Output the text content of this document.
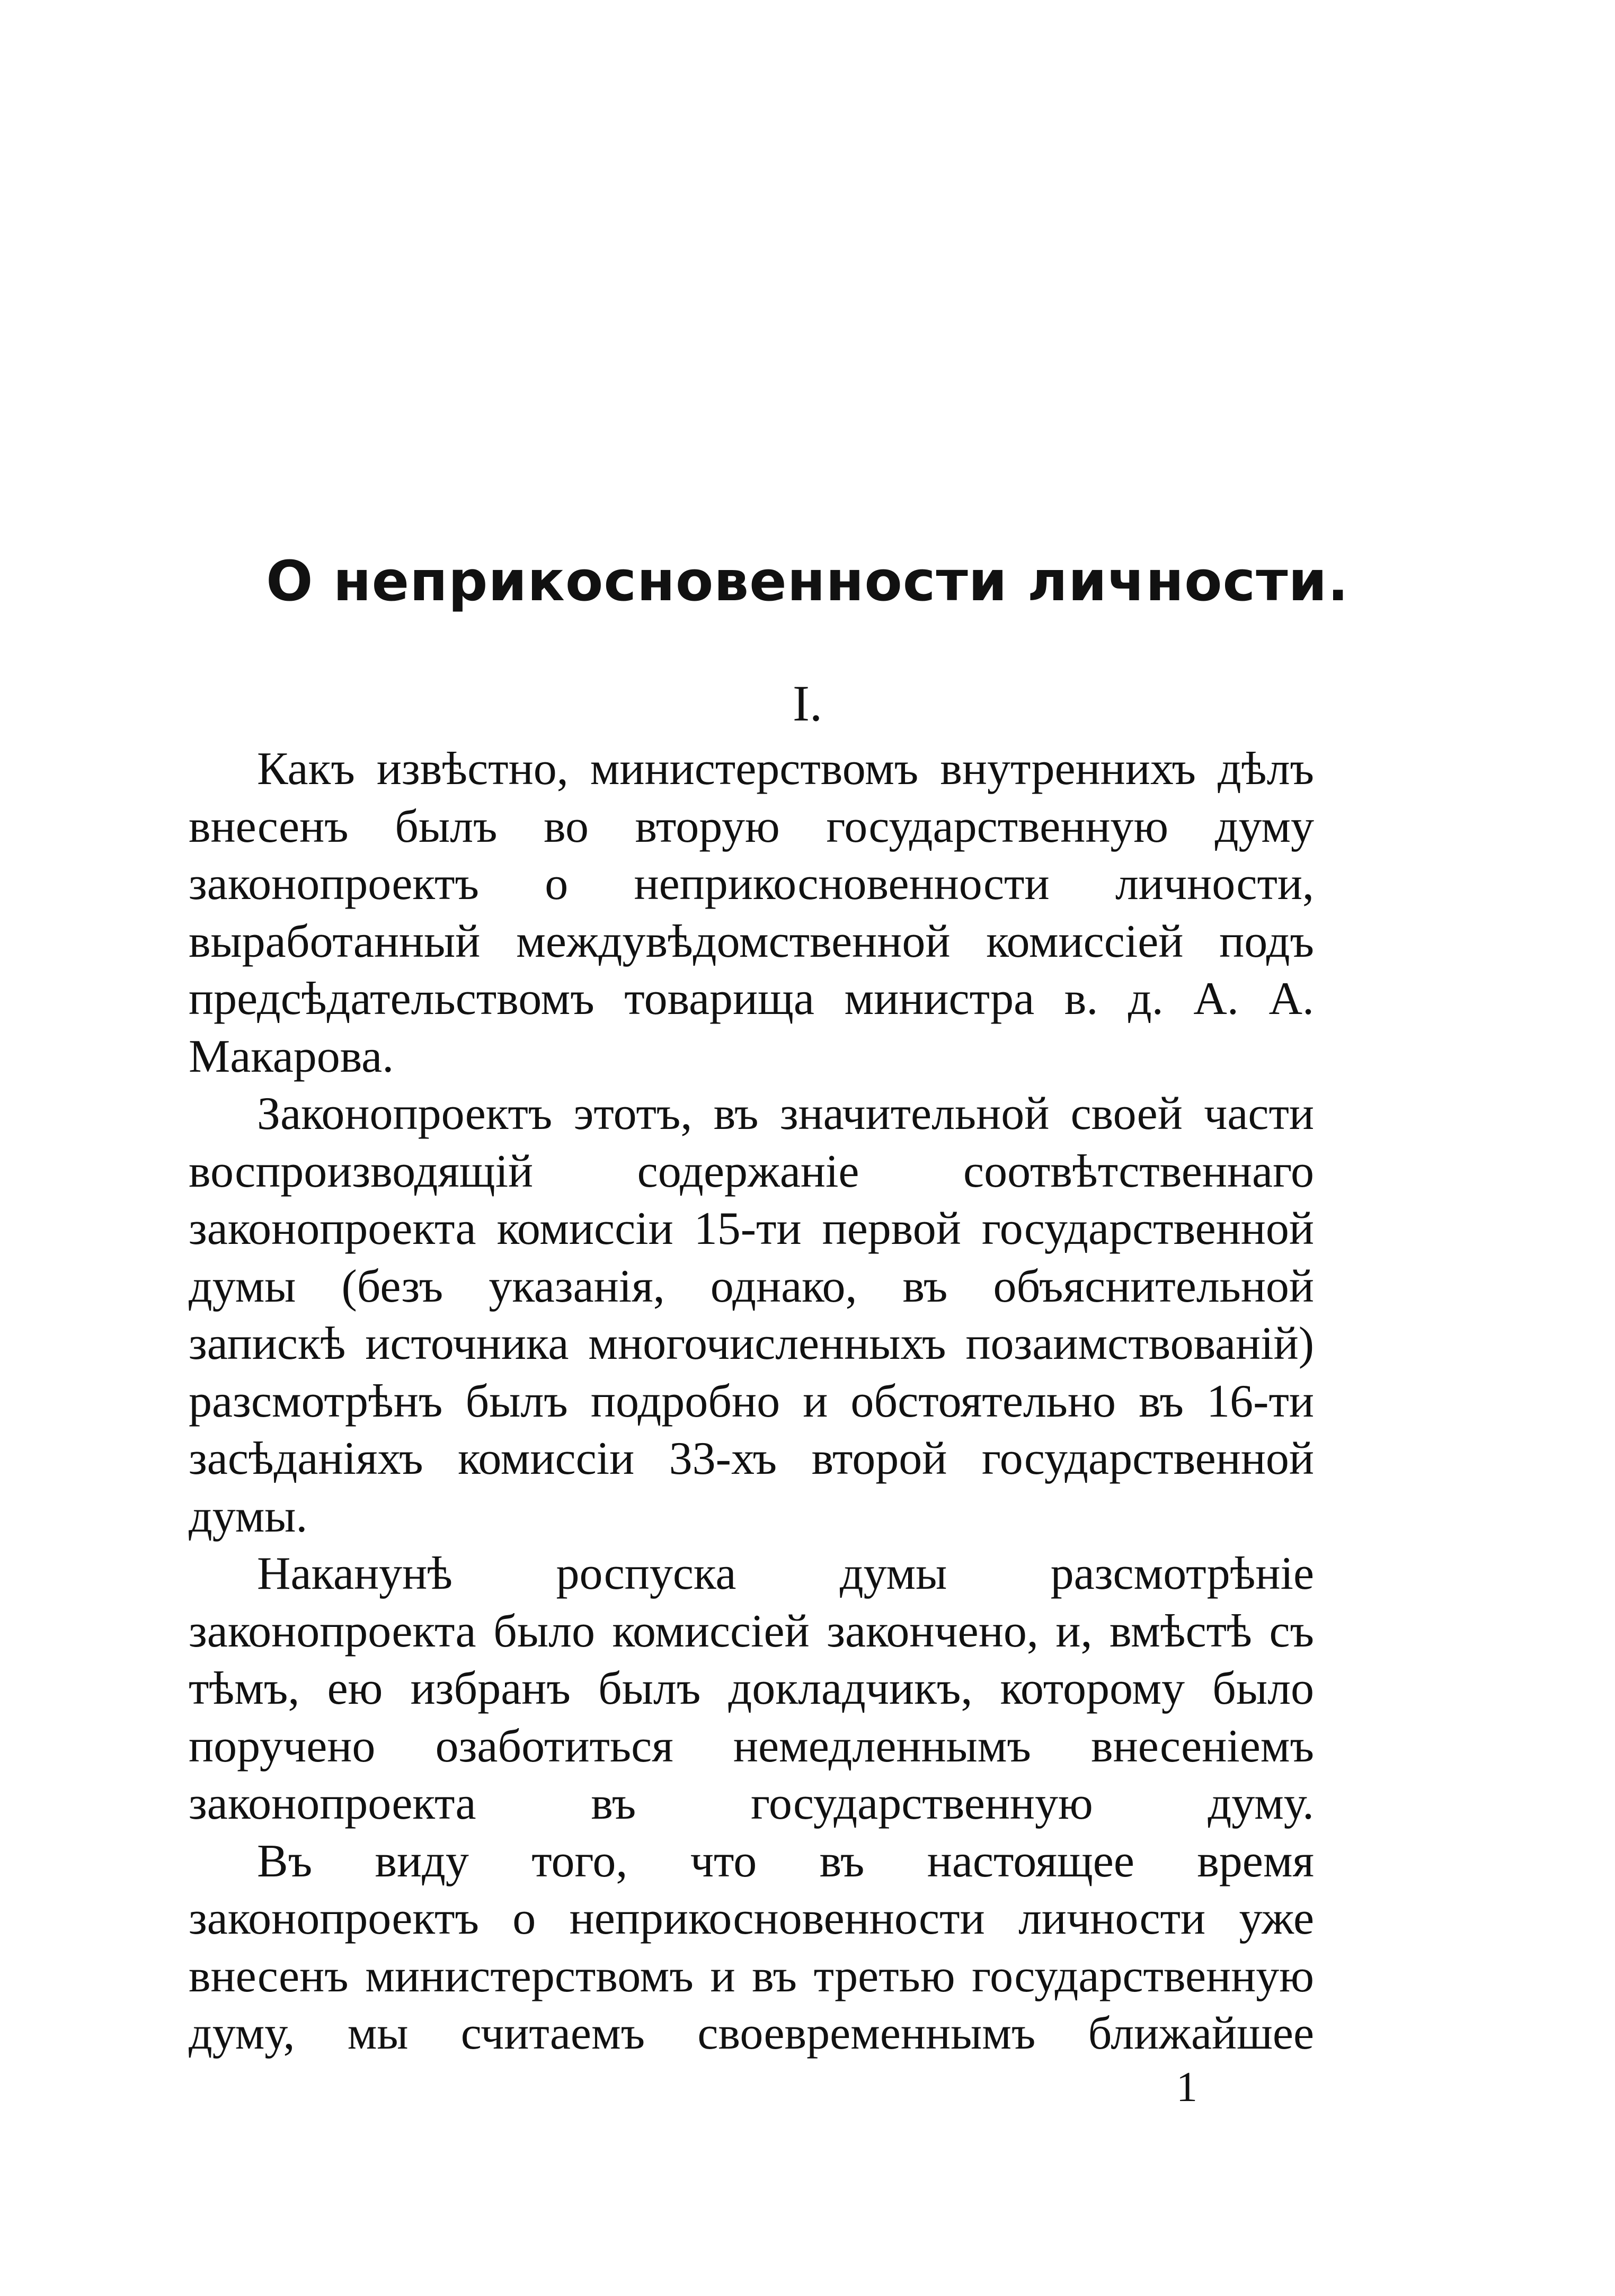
О неприкосновенности личности.
I.

Какъ извѣстно, министерствомъ внутреннихъ дѣлъ внесенъ былъ во вторую государственную думу законопроектъ о неприкосновенности личности, выработанный междувѣдомственной комиссіей подъ предсѣдательствомъ товарища министра в. д. А. А. Макарова.

Законопроектъ этотъ, въ значительной своей части воспроизводящій содержаніе соотвѣтственнаго законопроекта комиссіи 15-ти первой государственной думы (безъ указанія, однако, въ объяснительной запискѣ источника многочисленныхъ позаимствованій) разсмотрѣнъ былъ подробно и обстоятельно въ 16-ти засѣданіяхъ комиссіи 33-хъ второй государственной думы.

Наканунѣ роспуска думы разсмотрѣніе законопроекта было комиссіей закончено, и, вмѣстѣ съ тѣмъ, ею избранъ былъ докладчикъ, которому было поручено озаботиться немедленнымъ внесеніемъ законопроекта въ государственную думу.

Въ виду того, что въ настоящее время законопроектъ о неприкосновенности личности уже внесенъ министерствомъ и въ третью государственную думу, мы считаемъ своевременнымъ ближайшее

1
